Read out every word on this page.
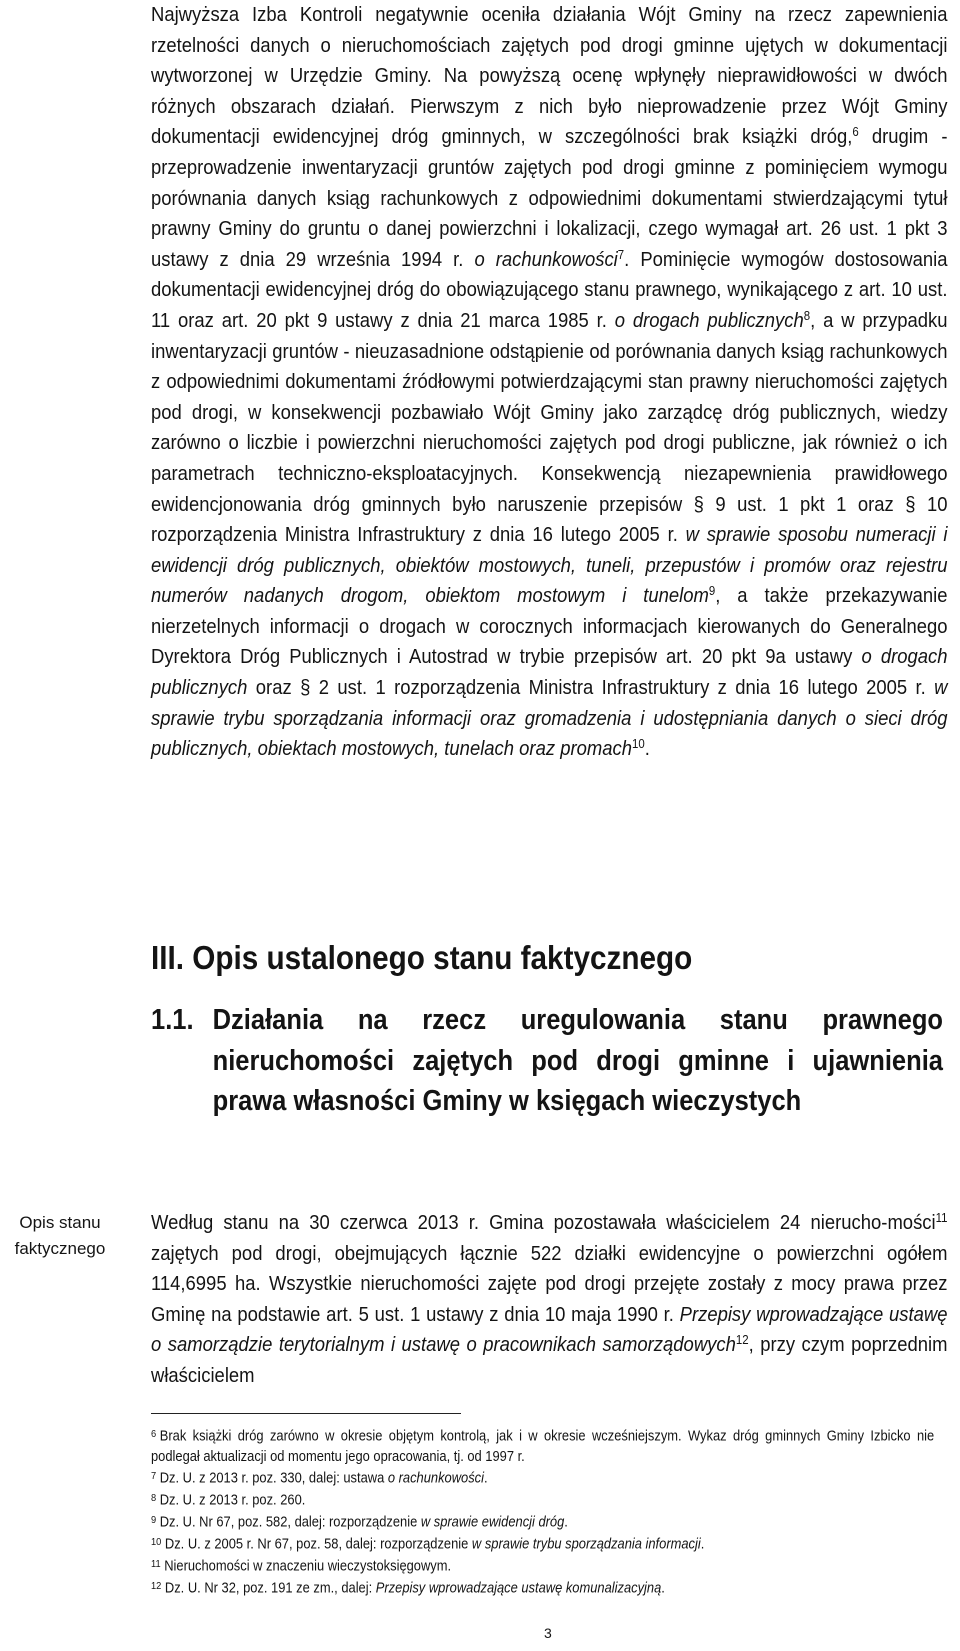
Najwyższa Izba Kontroli negatywnie oceniła działania Wójt Gminy na rzecz zapewnienia rzetelności danych o nieruchomościach zajętych pod drogi gminne ujętych w dokumentacji wytworzonej w Urzędzie Gminy. Na powyższą ocenę wpłynęły nieprawidłowości w dwóch różnych obszarach działań. Pierwszym z nich było nieprowadzenie przez Wójt Gminy dokumentacji ewidencyjnej dróg gminnych, w szczególności brak książki dróg,$^6$ drugim - przeprowadzenie inwentaryzacji gruntów zajętych pod drogi gminne z pominięciem wymogu porównania danych ksiąg rachunkowych z odpowiednimi dokumentami stwierdzającymi tytuł prawny Gminy do gruntu o danej powierzchni i lokalizacji, czego wymagał art. 26 ust. 1 pkt 3 ustawy z dnia 29 września 1994 r. o rachunkowości$^7$. Pominięcie wymogów dostosowania dokumentacji ewidencyjnej dróg do obowiązującego stanu prawnego, wynikającego z art. 10 ust. 11 oraz art. 20 pkt 9 ustawy z dnia 21 marca 1985 r. o drogach publicznych$^8$, a w przypadku inwentaryzacji gruntów - nieuzasadnione odstąpienie od porównania danych ksiąg rachunkowych z odpowiednimi dokumentami źródłowymi potwierdzającymi stan prawny nieruchomości zajętych pod drogi, w konsekwencji pozbawiało Wójt Gminy jako zarządcę dróg publicznych, wiedzy zarówno o liczbie i powierzchni nieruchomości zajętych pod drogi publiczne, jak również o ich parametrach techniczno-eksploatacyjnych. Konsekwencją niezapewnienia prawidłowego ewidencjonowania dróg gminnych było naruszenie przepisów § 9 ust. 1 pkt 1 oraz § 10 rozporządzenia Ministra Infrastruktury z dnia 16 lutego 2005 r. w sprawie sposobu numeracji i ewidencji dróg publicznych, obiektów mostowych, tuneli, przepustów i promów oraz rejestru numerów nadanych drogom, obiektom mostowym i tunelom$^9$, a także przekazywanie nierzetelnych informacji o drogach w corocznych informacjach kierowanych do Generalnego Dyrektora Dróg Publicznych i Autostrad w trybie przepisów art. 20 pkt 9a ustawy o drogach publicznych oraz § 2 ust. 1 rozporządzenia Ministra Infrastruktury z dnia 16 lutego 2005 r. w sprawie trybu sporządzania informacji oraz gromadzenia i udostępniania danych o sieci dróg publicznych, obiektach mostowych, tunelach oraz promach$^{10}$.

III. Opis ustalonego stanu faktycznego
1.1. Działania na rzecz uregulowania stanu prawnego nieruchomości zajętych pod drogi gminne i ujawnienia prawa własności Gminy w księgach wieczystych
Opis stanu
faktycznego

Według stanu na 30 czerwca 2013 r. Gmina pozostawała właścicielem 24 nierucho-mości$^{11}$ zajętych pod drogi, obejmujących łącznie 522 działki ewidencyjne o powierzchni ogółem 114,6995 ha. Wszystkie nieruchomości zajęte pod drogi przejęte zostały z mocy prawa przez Gminę na podstawie art. 5 ust. 1 ustawy z dnia 10 maja 1990 r. Przepisy wprowadzające ustawę o samorządzie terytorialnym i ustawę o pracownikach samorządowych$^{12}$, przy czym poprzednim właścicielem

$^6$ Brak książki dróg zarówno w okresie objętym kontrolą, jak i w okresie wcześniejszym. Wykaz dróg gminnych Gminy Izbicko nie podlegał aktualizacji od momentu jego opracowania, tj. od 1997 r.
$^7$ Dz. U. z 2013 r. poz. 330, dalej: ustawa o rachunkowości.
$^8$ Dz. U. z 2013 r. poz. 260.
$^9$ Dz. U. Nr 67, poz. 582, dalej: rozporządzenie w sprawie ewidencji dróg.
$^{10}$ Dz. U. z 2005 r. Nr 67, poz. 58, dalej: rozporządzenie w sprawie trybu sporządzania informacji.
$^{11}$ Nieruchomości w znaczeniu wieczystoksięgowym.
$^{12}$ Dz. U. Nr 32, poz. 191 ze zm., dalej: Przepisy wprowadzające ustawę komunalizacyjną.
3
